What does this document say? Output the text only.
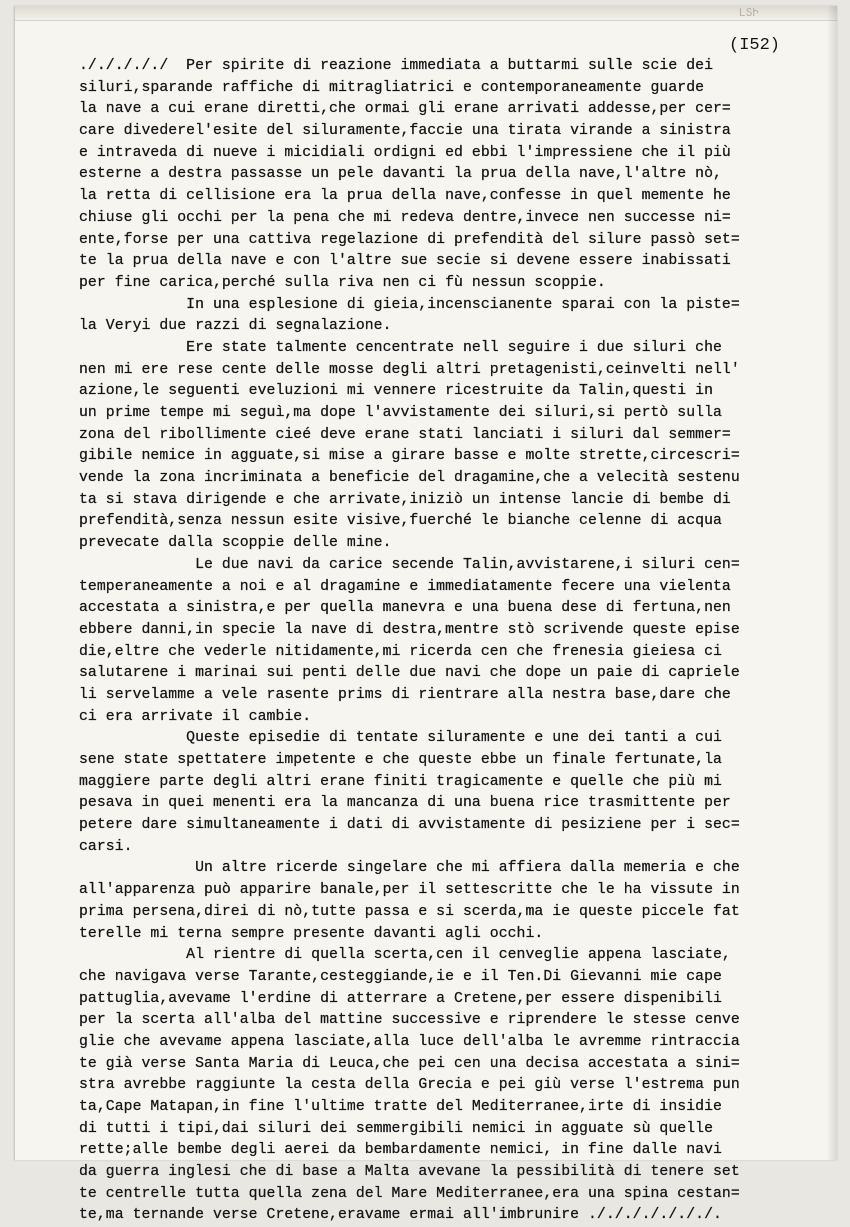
ԼՏԻ
(I52)
./././././  Per spirite di reazione immediata a buttarmi sulle scie dei
siluri,sparande raffiche di mitragliatrici e contemporaneamente guarde
la nave a cui erane diretti,che ormai gli erane arrivati addesse,per cer=
care divederel'esite del siluramente,faccie una tirata virande a sinistra
e intraveda di nueve i micidiali ordigni ed ebbi l'impressiene che il più
esterne a destra passasse un pele davanti la prua della nave,l'altre nò,
la retta di cellisione era la prua della nave,confesse in quel memente he
chiuse gli occhi per la pena che mi redeva dentre,invece nen successe ni=
ente,forse per una cattiva regelazione di prefendità del silure passò set=
te la prua della nave e con l'altre sue secie si devene essere inabissati
per fine carica,perché sulla riva nen ci fù nessun scoppie.
In una esplesione di gieia,incenscianente sparai con la piste=
la Veryi due razzi di segnalazione.
Ere state talmente cencentrate nell seguire i due siluri che
nen mi ere rese cente delle mosse degli altri pretagenisti,ceinvelti nell'
azione,le seguenti eveluzioni mi vennere ricestruite da Talin,questi in
un prime tempe mi seguì,ma dope l'avvistamente dei siluri,si pertò sulla
zona del ribollimente cieé deve erane stati lanciati i siluri dal semmer=
gibile nemice in agguate,si mise a girare basse e molte strette,circescri=
vende la zona incriminata a beneficie del dragamine,che a velecità sestenu
ta si stava dirigende e che arrivate,iniziò un intense lancie di bembe di
prefendità,senza nessun esite visive,fuerché le bianche celenne di acqua
prevecate dalla scoppie delle mine.
Le due navi da carice secende Talin,avvistarene,i siluri cen=
temperaneamente a noi e al dragamine e immediatamente fecere una vielenta
accestata a sinistra,e per quella manevra e una buena dese di fertuna,nen
ebbere danni,in specie la nave di destra,mentre stò scrivende queste epise
die,eltre che vederle nitidamente,mi ricerda cen che frenesia gieiesa ci
salutarene i marinai sui penti delle due navi che dope un paie di capriele
li servelamme a vele rasente prims di rientrare alla nestra base,dare che
ci era arrivate il cambie.
Queste episedie di tentate siluramente e une dei tanti a cui
sene state spettatere impetente e che queste ebbe un finale fertunate,la
maggiere parte degli altri erane finiti tragicamente e quelle che più mi
pesava in quei menenti era la mancanza di una buena rice trasmittente per
petere dare simultaneamente i dati di avvistamente di pesiziene per i sec=
carsi.
Un altre ricerde singelare che mi affiera dalla memeria e che
all'apparenza può apparire banale,per il settescritte che le ha vissute in
prima persena,direi di nò,tutte passa e si scerda,ma ie queste piccele fat
terelle mi terna sempre presente davanti agli occhi.
Al rientre di quella scerta,cen il cenveglie appena lasciate,
che navigava verse Tarante,cesteggiande,ie e il Ten.Di Gievanni mie cape
pattuglia,avevame l'erdine di atterrare a Cretene,per essere dispenibili
per la scerta all'alba del mattine successive e riprendere le stesse cenve
glie che avevame appena lasciate,alla luce dell'alba le avremme rintraccia
te già verse Santa Maria di Leuca,che pei cen una decisa accestata a sini=
stra avrebbe raggiunte la cesta della Grecia e pei giù verse l'estrema pun
ta,Cape Matapan,in fine l'ultime tratte del Mediterranee,irte di insidie
di tutti i tipi,dai siluri dei semmergibili nemici in agguate sù quelle
rette;alle bembe degli aerei da bembardamente nemici, in fine dalle navi
da guerra inglesi che di base a Malta avevane la pessibilità di tenere set
te centrelle tutta quella zena del Mare Mediterranee,era una spina cestan=
te,ma ternande verse Cretene,eravame ermai all'imbrunire ./././././././.
